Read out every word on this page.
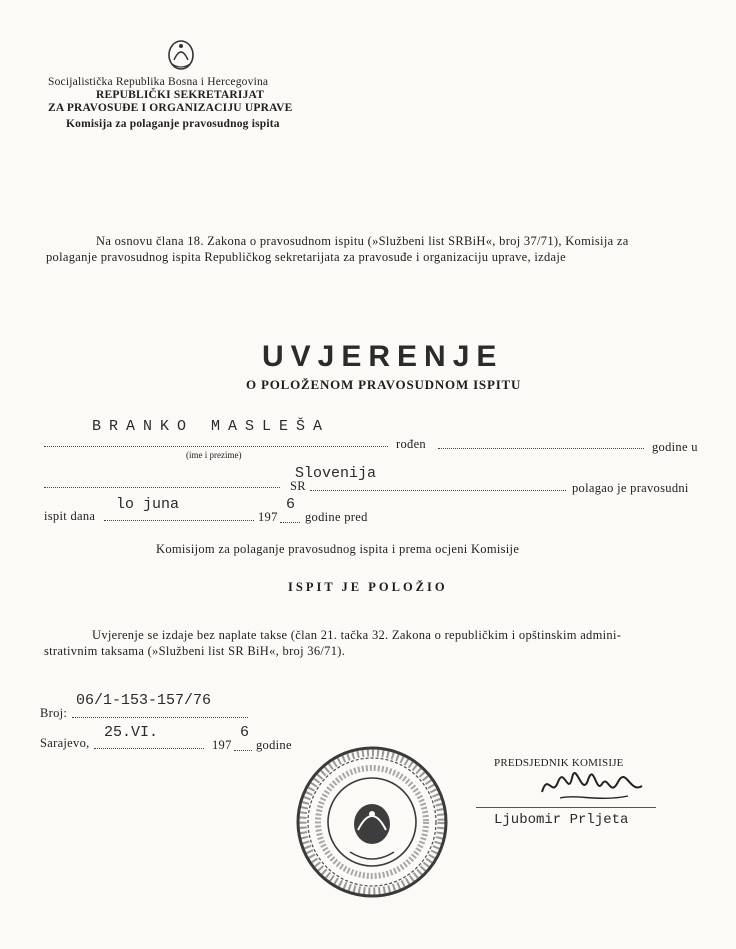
Socijalistička Republika Bosna i Hercegovina
REPUBLIČKI SEKRETARIJAT
ZA PRAVOSUĐE I ORGANIZACIJU UPRAVE
Komisija za polaganje pravosudnog ispita
Na osnovu člana 18. Zakona o pravosudnom ispitu (»Službeni list SRBiH«, broj 37/71), Komisija za
polaganje pravosudnog ispita Republičkog sekretarijata za pravosuđe i organizaciju uprave, izdaje
UVJERENJE
O POLOŽENOM PRAVOSUDNOM ISPITU
BRANKO MASLEŠA
rođen	godine u
(ime i prezime)
SR
Slovenija
polagao je pravosudni
ispit dana
lo juna
197
6
godine pred
Komisijom za polaganje pravosudnog ispita i prema ocjeni Komisije
ISPIT JE POLOŽIO
Uvjerenje se izdaje bez naplate takse (član 21. tačka 32. Zakona o republičkim i opštinskim admini-
strativnim taksama (»Službeni list SR BiH«, broj 36/71).
Broj:
06/1-153-157/76
Sarajevo,
25.VI.
197
6
godine
PREDSJEDNIK KOMISIJE
Ljubomir Prljeta
